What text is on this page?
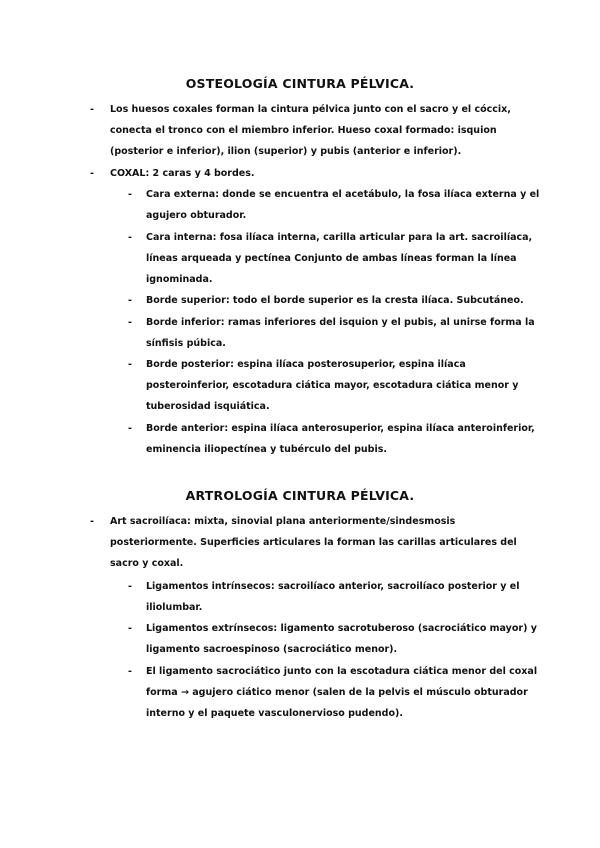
OSTEOLOGÍA CINTURA PÉLVICA.
- Los huesos coxales forman la cintura pélvica junto con el sacro y el cóccix, conecta el tronco con el miembro inferior. Hueso coxal formado: isquion (posterior e inferior), ilion (superior) y pubis (anterior e inferior).
- COXAL: 2 caras y 4 bordes.
- Cara externa: donde se encuentra el acetábulo, la fosa ilíaca externa y el agujero obturador.
- Cara interna: fosa ilíaca interna, carilla articular para la art. sacroilíaca, líneas arqueada y pectínea Conjunto de ambas líneas forman la línea ignominada.
- Borde superior: todo el borde superior es la cresta ilíaca. Subcutáneo.
- Borde inferior: ramas inferiores del isquion y el pubis, al unirse forma la sínfisis púbica.
- Borde posterior: espina ilíaca posterosuperior, espina ilíaca posteroinferior, escotadura ciática mayor, escotadura ciática menor y tuberosidad isquiática.
- Borde anterior: espina ilíaca anterosuperior, espina ilíaca anteroinferior, eminencia iliopectínea y tubérculo del pubis.
ARTROLOGÍA CINTURA PÉLVICA.
- Art sacroilíaca: mixta, sinovial plana anteriormente/sindesmosis posteriormente. Superficies articulares la forman las carillas articulares del sacro y coxal.
- Ligamentos intrínsecos: sacroilíaco anterior, sacroilíaco posterior y el iliolumbar.
- Ligamentos extrínsecos: ligamento sacrotuberoso (sacrociático mayor) y ligamento sacroespinoso (sacrociático menor).
- El ligamento sacrociático junto con la escotadura ciática menor del coxal forma → agujero ciático menor (salen de la pelvis el músculo obturador interno y el paquete vasculonervioso pudendo).
